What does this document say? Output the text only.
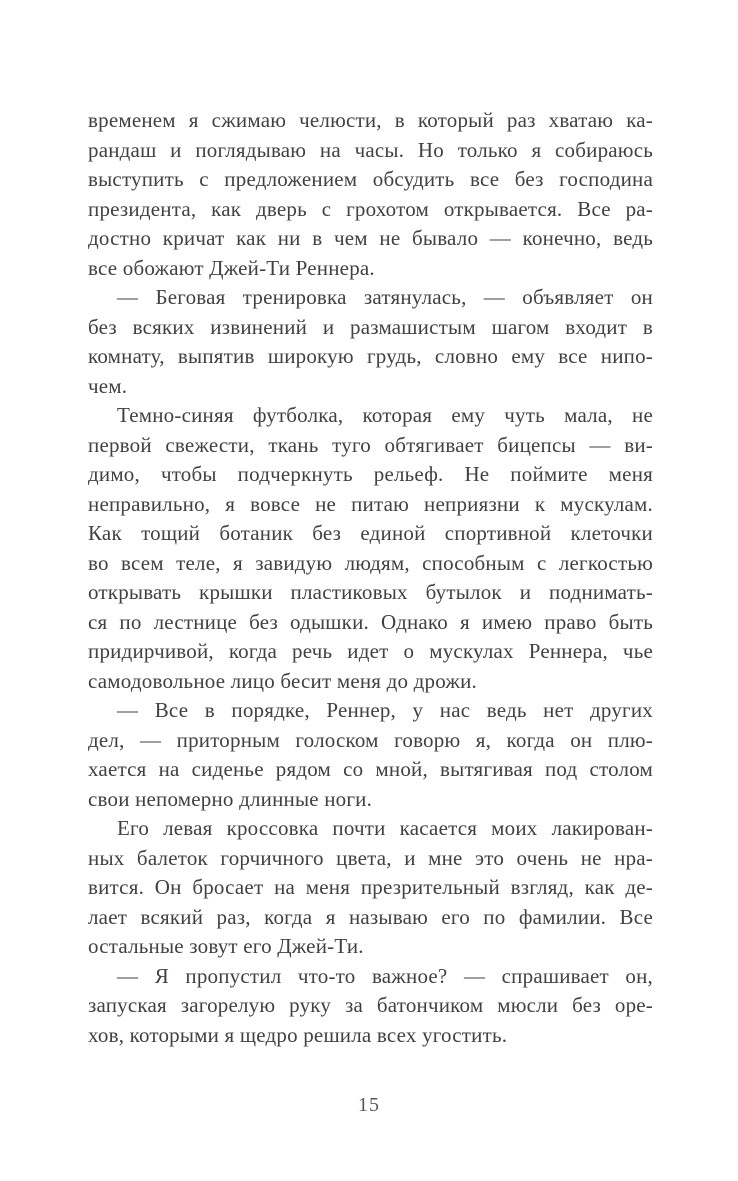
временем я сжимаю челюсти, в который раз хватаю ка-
рандаш и поглядываю на часы. Но только я собираюсь
выступить с предложением обсудить все без господина
президента, как дверь с грохотом открывается. Все ра-
достно кричат как ни в чем не бывало — конечно, ведь
все обожают Джей-Ти Реннера.

— Беговая тренировка затянулась, — объявляет он
без всяких извинений и размашистым шагом входит в
комнату, выпятив широкую грудь, словно ему все нипо-
чем.

Темно-синяя футболка, которая ему чуть мала, не
первой свежести, ткань туго обтягивает бицепсы — ви-
димо, чтобы подчеркнуть рельеф. Не поймите меня
неправильно, я вовсе не питаю неприязни к мускулам.
Как тощий ботаник без единой спортивной клеточки
во всем теле, я завидую людям, способным с легкостью
открывать крышки пластиковых бутылок и поднимать-
ся по лестнице без одышки. Однако я имею право быть
придирчивой, когда речь идет о мускулах Реннера, чье
самодовольное лицо бесит меня до дрожи.

— Все в порядке, Реннер, у нас ведь нет других
дел, — приторным голоском говорю я, когда он плю-
хается на сиденье рядом со мной, вытягивая под столом
свои непомерно длинные ноги.

Его левая кроссовка почти касается моих лакирован-
ных балеток горчичного цвета, и мне это очень не нра-
вится. Он бросает на меня презрительный взгляд, как де-
лает всякий раз, когда я называю его по фамилии. Все
остальные зовут его Джей-Ти.

— Я пропустил что-то важное? — спрашивает он,
запуская загорелую руку за батончиком мюсли без оре-
хов, которыми я щедро решила всех угостить.

15
